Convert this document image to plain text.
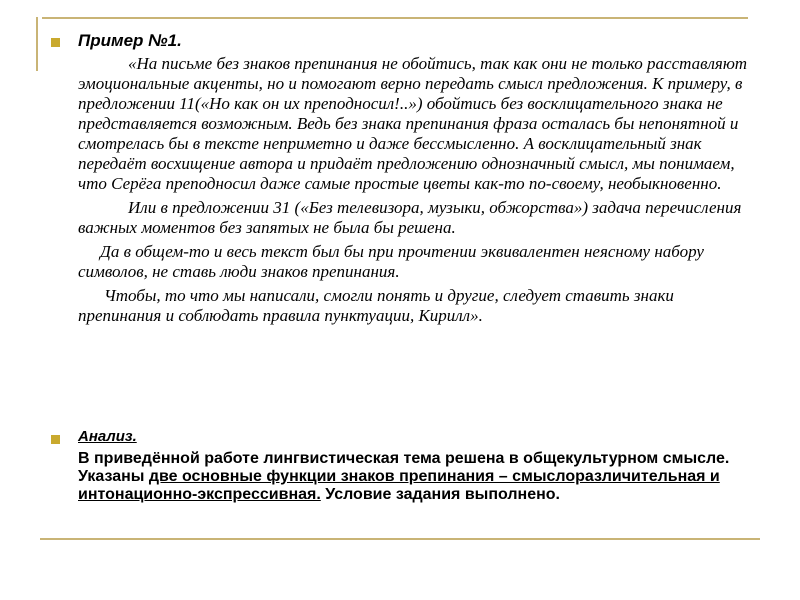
Пример №1.

«На письме без знаков препинания не обойтись, так как они не только расставляют эмоциональные акценты, но и помогают верно передать смысл предложения. К примеру, в предложении 11(«Но как он их преподносил!..») обойтись без восклицательного знака не представляется возможным. Ведь без знака препинания фраза осталась бы непонятной и смотрелась бы в тексте неприметно и даже бессмысленно. А восклицательный знак передаёт восхищение автора и придаёт предложению однозначный смысл, мы понимаем, что Серёга преподносил даже самые простые цветы как-то по-своему, необыкновенно.

Или в предложении 31 («Без телевизора, музыки, обжорства») задача перечисления важных моментов без запятых не была бы решена.

Да в общем-то и весь текст был бы при прочтении эквивалентен неясному набору символов, не ставь люди знаков препинания.

Чтобы, то что мы написали, смогли понять и другие, следует ставить знаки препинания и соблюдать правила пунктуации, Кирилл».

Анализ.

В приведённой работе лингвистическая тема решена в общекультурном смысле. Указаны две основные функции знаков препинания – смыслоразличительная и интонационно-экспрессивная. Условие задания выполнено.
